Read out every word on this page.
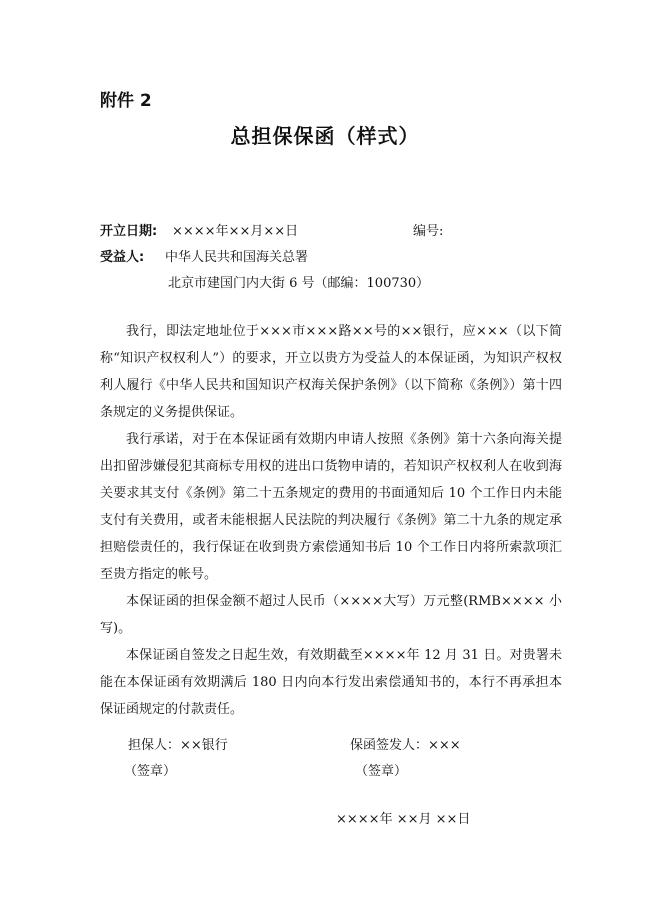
附件 2
总担保保函（样式）
开立日期: ××××年××月××日	编号:
受益人: 中华人民共和国海关总署
北京市建国门内大街 6 号（邮编：100730）

我行，即法定地址位于×××市×××路××号的××银行，应×××（以下简称“知识产权权利人”）的要求，开立以贵方为受益人的本保证函，为知识产权权利人履行《中华人民共和国知识产权海关保护条例》（以下简称《条例》）第十四条规定的义务提供保证。

我行承诺，对于在本保证函有效期内申请人按照《条例》第十六条向海关提出扣留涉嫌侵犯其商标专用权的进出口货物申请的，若知识产权权利人在收到海关要求其支付《条例》第二十五条规定的费用的书面通知后 10 个工作日内未能支付有关费用，或者未能根据人民法院的判决履行《条例》第二十九条的规定承担赔偿责任的，我行保证在收到贵方索偿通知书后 10 个工作日内将所索款项汇至贵方指定的帐号。

本保证函的担保金额不超过人民币（××××大写）万元整(RMB×××× 小写)。

本保证函自签发之日起生效，有效期截至××××年 12 月 31 日。对贵署未能在本保证函有效期满后 180 日内向本行发出索偿通知书的，本行不再承担本保证函规定的付款责任。

担保人：××银行	保函签发人：×××
（签章）	（签章）
××××年 ××月 ××日
